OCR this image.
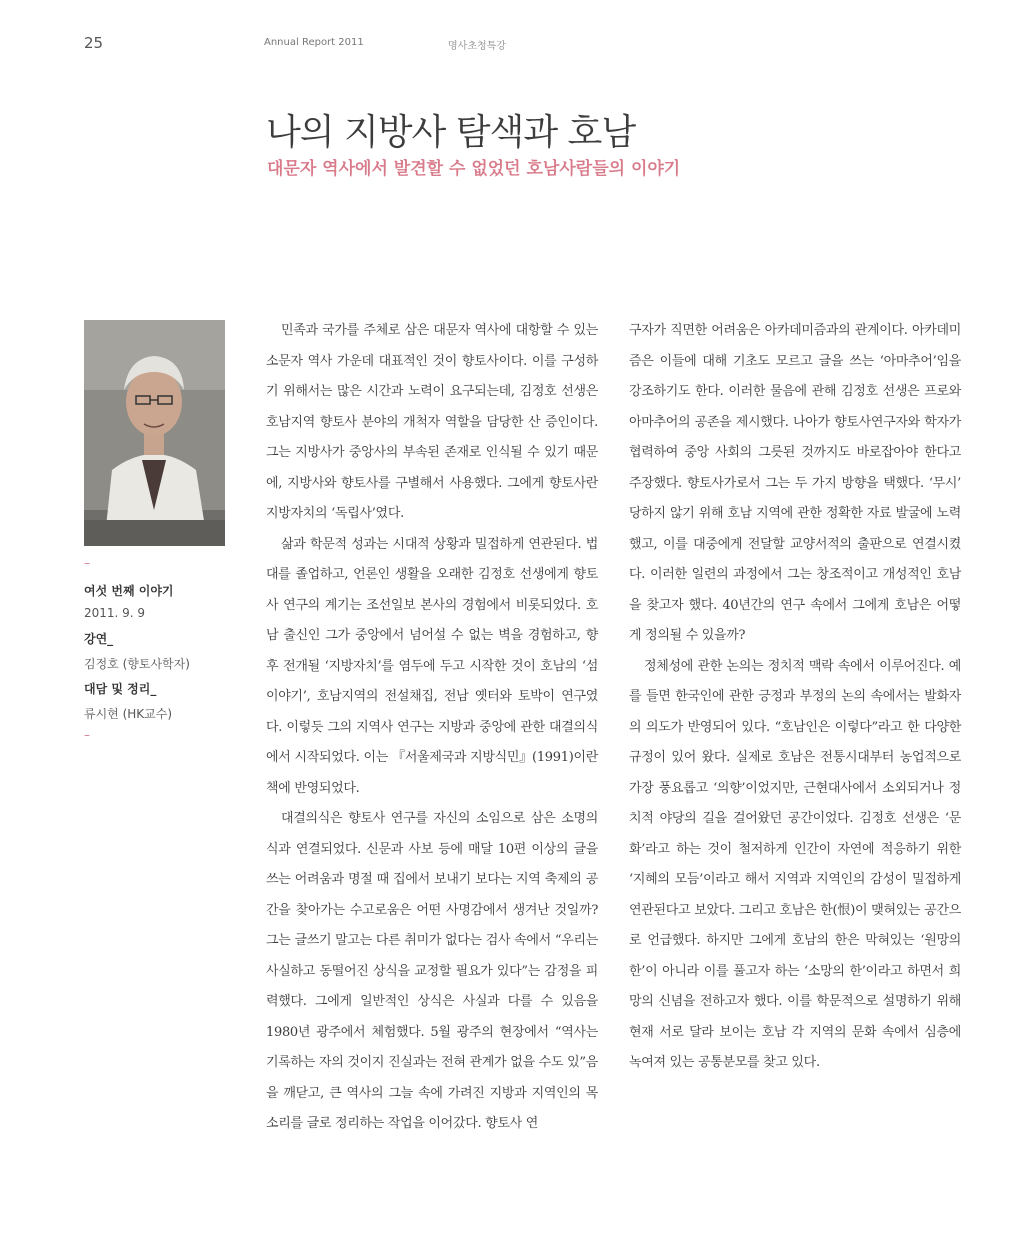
25	Annual Report 2011	명사초청특강
나의 지방사 탐색과 호남
대문자 역사에서 발견할 수 없었던 호남사람들의 이야기
–
여섯 번째 이야기
2011. 9. 9
강연_
김정호 (향토사학자)
대담 및 정리_
류시현 (HK교수)
–

민족과 국가를 주체로 삼은 대문자 역사에 대항할 수 있는 소문자 역사 가운데 대표적인 것이 향토사이다. 이를 구성하기 위해서는 많은 시간과 노력이 요구되는데, 김정호 선생은 호남지역 향토사 분야의 개척자 역할을 담당한 산 증인이다. 그는 지방사가 중앙사의 부속된 존재로 인식될 수 있기 때문에, 지방사와 향토사를 구별해서 사용했다. 그에게 향토사란 지방자치의 ‘독립사’였다.

삶과 학문적 성과는 시대적 상황과 밀접하게 연관된다. 법대를 졸업하고, 언론인 생활을 오래한 김정호 선생에게 향토사 연구의 계기는 조선일보 본사의 경험에서 비롯되었다. 호남 출신인 그가 중앙에서 넘어설 수 없는 벽을 경험하고, 향후 전개될 ‘지방자치’를 염두에 두고 시작한 것이 호남의 ‘섬이야기’, 호남지역의 전설채집, 전남 옛터와 토박이 연구였다. 이렇듯 그의 지역사 연구는 지방과 중앙에 관한 대결의식에서 시작되었다. 이는 『서울제국과 지방식민』(1991)이란 책에 반영되었다.

대결의식은 향토사 연구를 자신의 소임으로 삼은 소명의식과 연결되었다. 신문과 사보 등에 매달 10편 이상의 글을 쓰는 어려움과 명절 때 집에서 보내기 보다는 지역 축제의 공간을 찾아가는 수고로움은 어떤 사명감에서 생겨난 것일까? 그는 글쓰기 말고는 다른 취미가 없다는 검사 속에서 “우리는 사실하고 동떨어진 상식을 교정할 필요가 있다”는 감정을 피력했다. 그에게 일반적인 상식은 사실과 다를 수 있음을 1980년 광주에서 체험했다. 5월 광주의 현장에서 “역사는 기록하는 자의 것이지 진실과는 전혀 관계가 없을 수도 있”음을 깨닫고, 큰 역사의 그늘 속에 가려진 지방과 지역인의 목소리를 글로 정리하는 작업을 이어갔다. 향토사 연

구자가 직면한 어려움은 아카데미즘과의 관계이다. 아카데미즘은 이들에 대해 기초도 모르고 글을 쓰는 ‘아마추어’임을 강조하기도 한다. 이러한 물음에 관해 김정호 선생은 프로와 아마추어의 공존을 제시했다. 나아가 향토사연구자와 학자가 협력하여 중앙 사회의 그릇된 것까지도 바로잡아야 한다고 주장했다. 향토사가로서 그는 두 가지 방향을 택했다. ‘무시’ 당하지 않기 위해 호남 지역에 관한 정확한 자료 발굴에 노력했고, 이를 대중에게 전달할 교양서적의 출판으로 연결시켰다. 이러한 일련의 과정에서 그는 창조적이고 개성적인 호남을 찾고자 했다. 40년간의 연구 속에서 그에게 호남은 어떻게 정의될 수 있을까?

정체성에 관한 논의는 정치적 맥락 속에서 이루어진다. 예를 들면 한국인에 관한 긍정과 부정의 논의 속에서는 발화자의 의도가 반영되어 있다. “호남인은 이렇다”라고 한 다양한 규정이 있어 왔다. 실제로 호남은 전통시대부터 농업적으로 가장 풍요롭고 ‘의향’이었지만, 근현대사에서 소외되거나 정치적 야당의 길을 걸어왔던 공간이었다. 김정호 선생은 ‘문화’라고 하는 것이 철저하게 인간이 자연에 적응하기 위한 ‘지혜의 모듬’이라고 해서 지역과 지역인의 감성이 밀접하게 연관된다고 보았다. 그리고 호남은 한(恨)이 맺혀있는 공간으로 언급했다. 하지만 그에게 호남의 한은 막혀있는 ‘원망의 한’이 아니라 이를 풀고자 하는 ‘소망의 한’이라고 하면서 희망의 신념을 전하고자 했다. 이를 학문적으로 설명하기 위해 현재 서로 달라 보이는 호남 각 지역의 문화 속에서 심층에 녹여져 있는 공통분모를 찾고 있다.
